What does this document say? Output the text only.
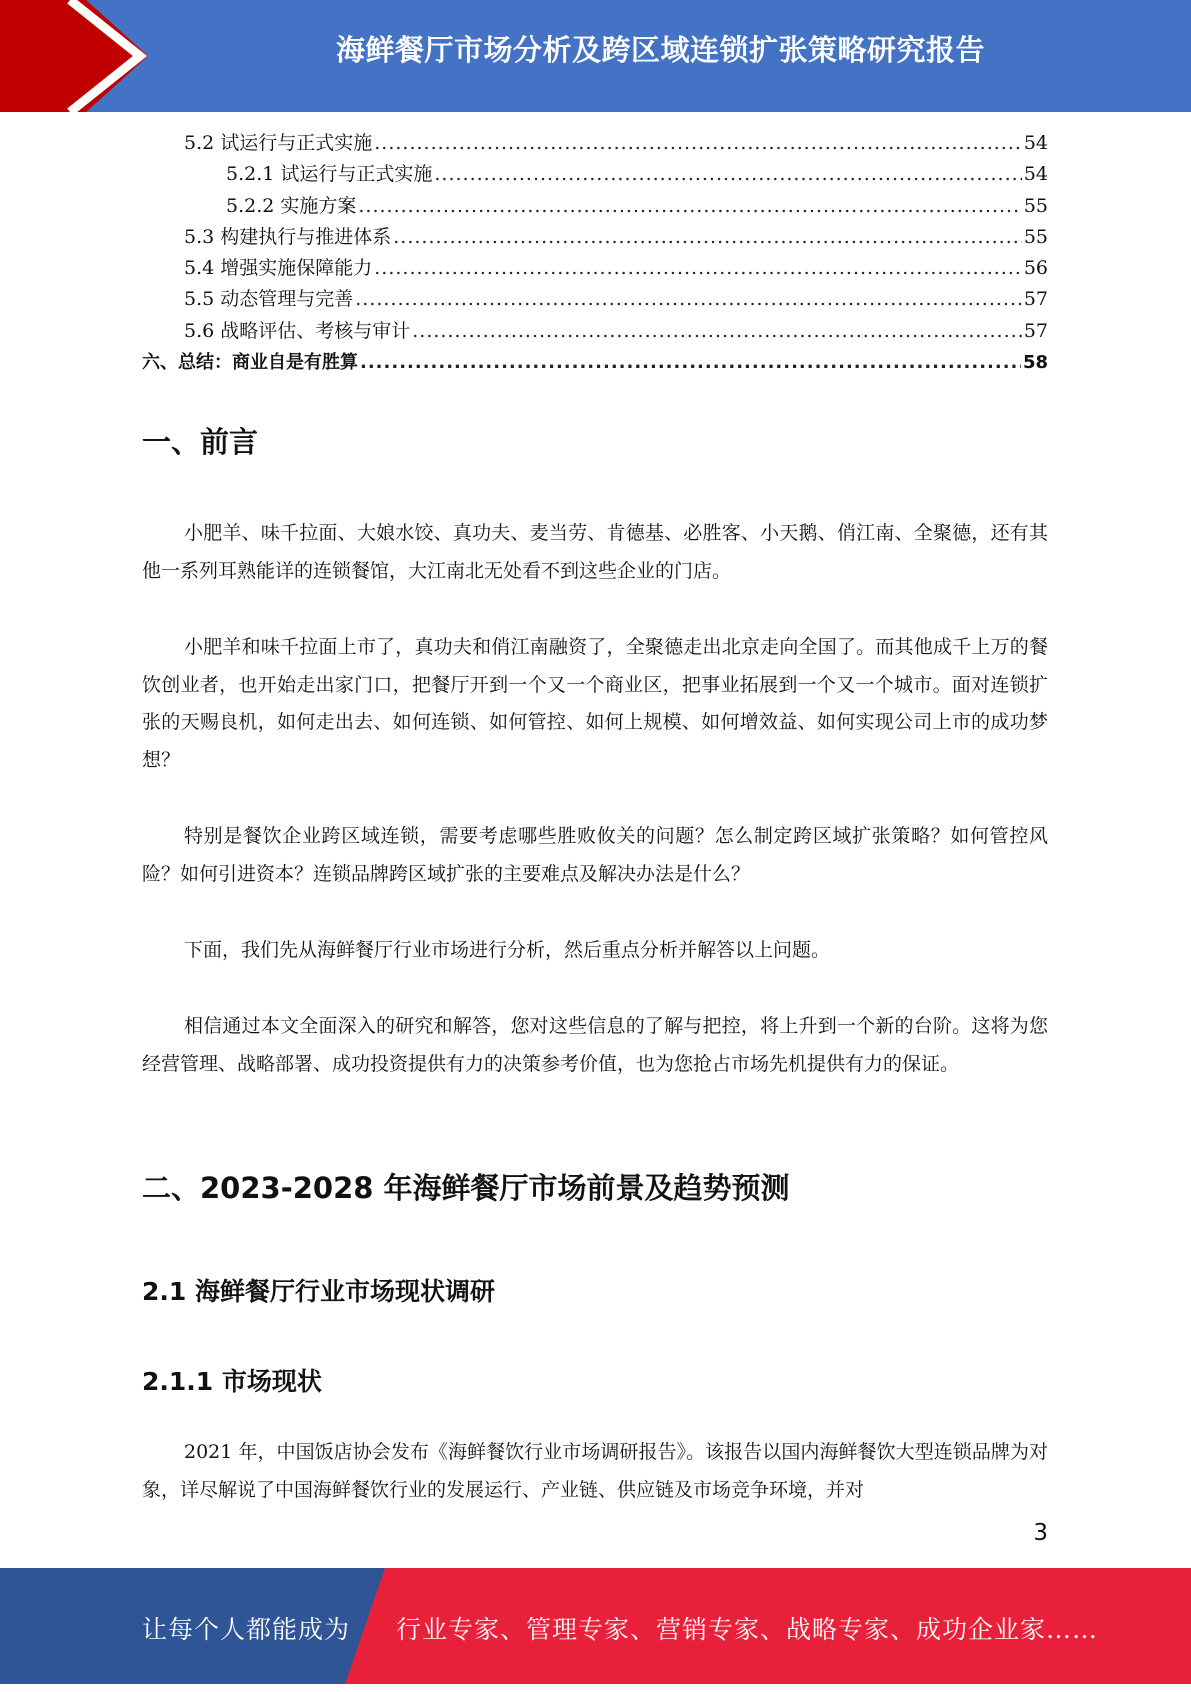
海鲜餐厅市场分析及跨区域连锁扩张策略研究报告
5.2 试运行与正式实施 .....	54
5.2.1 试运行与正式实施 .....	54
5.2.2 实施方案 .....	55
5.3 构建执行与推进体系 .....	55
5.4 增强实施保障能力 .....	56
5.5 动态管理与完善 .....	57
5.6 战略评估、考核与审计 .....	57
六、总结：商业自是有胜算 .....	58
一、前言

小肥羊、味千拉面、大娘水饺、真功夫、麦当劳、肯德基、必胜客、小天鹅、俏江南、全聚德，还有其他一系列耳熟能详的连锁餐馆，大江南北无处看不到这些企业的门店。

小肥羊和味千拉面上市了，真功夫和俏江南融资了，全聚德走出北京走向全国了。而其他成千上万的餐饮创业者，也开始走出家门口，把餐厅开到一个又一个商业区，把事业拓展到一个又一个城市。面对连锁扩张的天赐良机，如何走出去、如何连锁、如何管控、如何上规模、如何增效益、如何实现公司上市的成功梦想？

特别是餐饮企业跨区域连锁，需要考虑哪些胜败攸关的问题？怎么制定跨区域扩张策略？如何管控风险？如何引进资本？连锁品牌跨区域扩张的主要难点及解决办法是什么？

下面，我们先从海鲜餐厅行业市场进行分析，然后重点分析并解答以上问题。

相信通过本文全面深入的研究和解答，您对这些信息的了解与把控，将上升到一个新的台阶。这将为您经营管理、战略部署、成功投资提供有力的决策参考价值，也为您抢占市场先机提供有力的保证。

二、2023-2028 年海鲜餐厅市场前景及趋势预测
2.1 海鲜餐厅行业市场现状调研
2.1.1 市场现状

2021 年，中国饭店协会发布《海鲜餐饮行业市场调研报告》。该报告以国内海鲜餐饮大型连锁品牌为对象，详尽解说了中国海鲜餐饮行业的发展运行、产业链、供应链及市场竞争环境，并对

3
让每个人都能成为 行业专家、管理专家、营销专家、战略专家、成功企业家……
